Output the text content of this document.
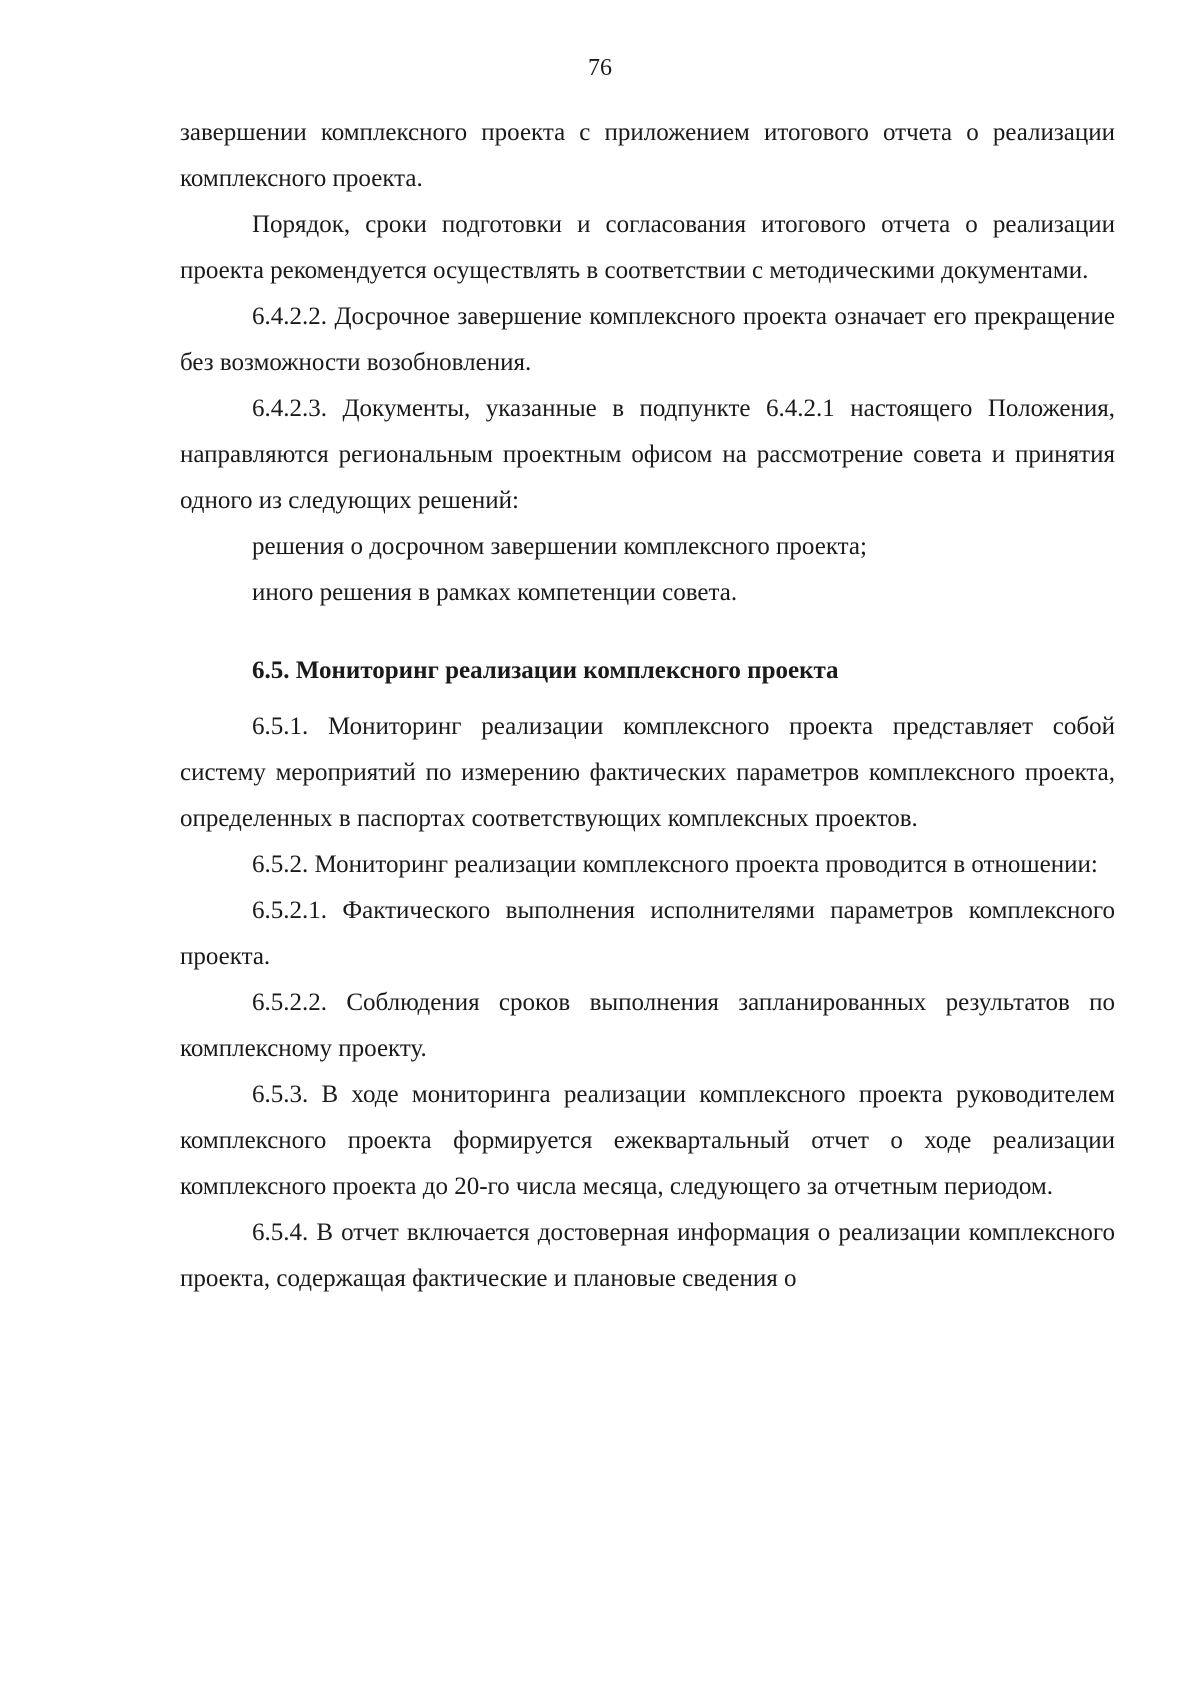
76

завершении комплексного проекта с приложением итогового отчета о реализации комплексного проекта.

Порядок, сроки подготовки и согласования итогового отчета о реализации проекта рекомендуется осуществлять в соответствии с методическими документами.

6.4.2.2. Досрочное завершение комплексного проекта означает его прекращение без возможности возобновления.

6.4.2.3. Документы, указанные в подпункте 6.4.2.1 настоящего Положения, направляются региональным проектным офисом на рассмотрение совета и принятия одного из следующих решений:

решения о досрочном завершении комплексного проекта;

иного решения в рамках компетенции совета.

6.5. Мониторинг реализации комплексного проекта

6.5.1. Мониторинг реализации комплексного проекта представляет собой систему мероприятий по измерению фактических параметров комплексного проекта, определенных в паспортах соответствующих комплексных проектов.

6.5.2. Мониторинг реализации комплексного проекта проводится в отношении:

6.5.2.1. Фактического выполнения исполнителями параметров комплексного проекта.

6.5.2.2. Соблюдения сроков выполнения запланированных результатов по комплексному проекту.

6.5.3. В ходе мониторинга реализации комплексного проекта руководителем комплексного проекта формируется ежеквартальный отчет о ходе реализации комплексного проекта до 20-го числа месяца, следующего за отчетным периодом.

6.5.4. В отчет включается достоверная информация о реализации комплексного проекта, содержащая фактические и плановые сведения о
